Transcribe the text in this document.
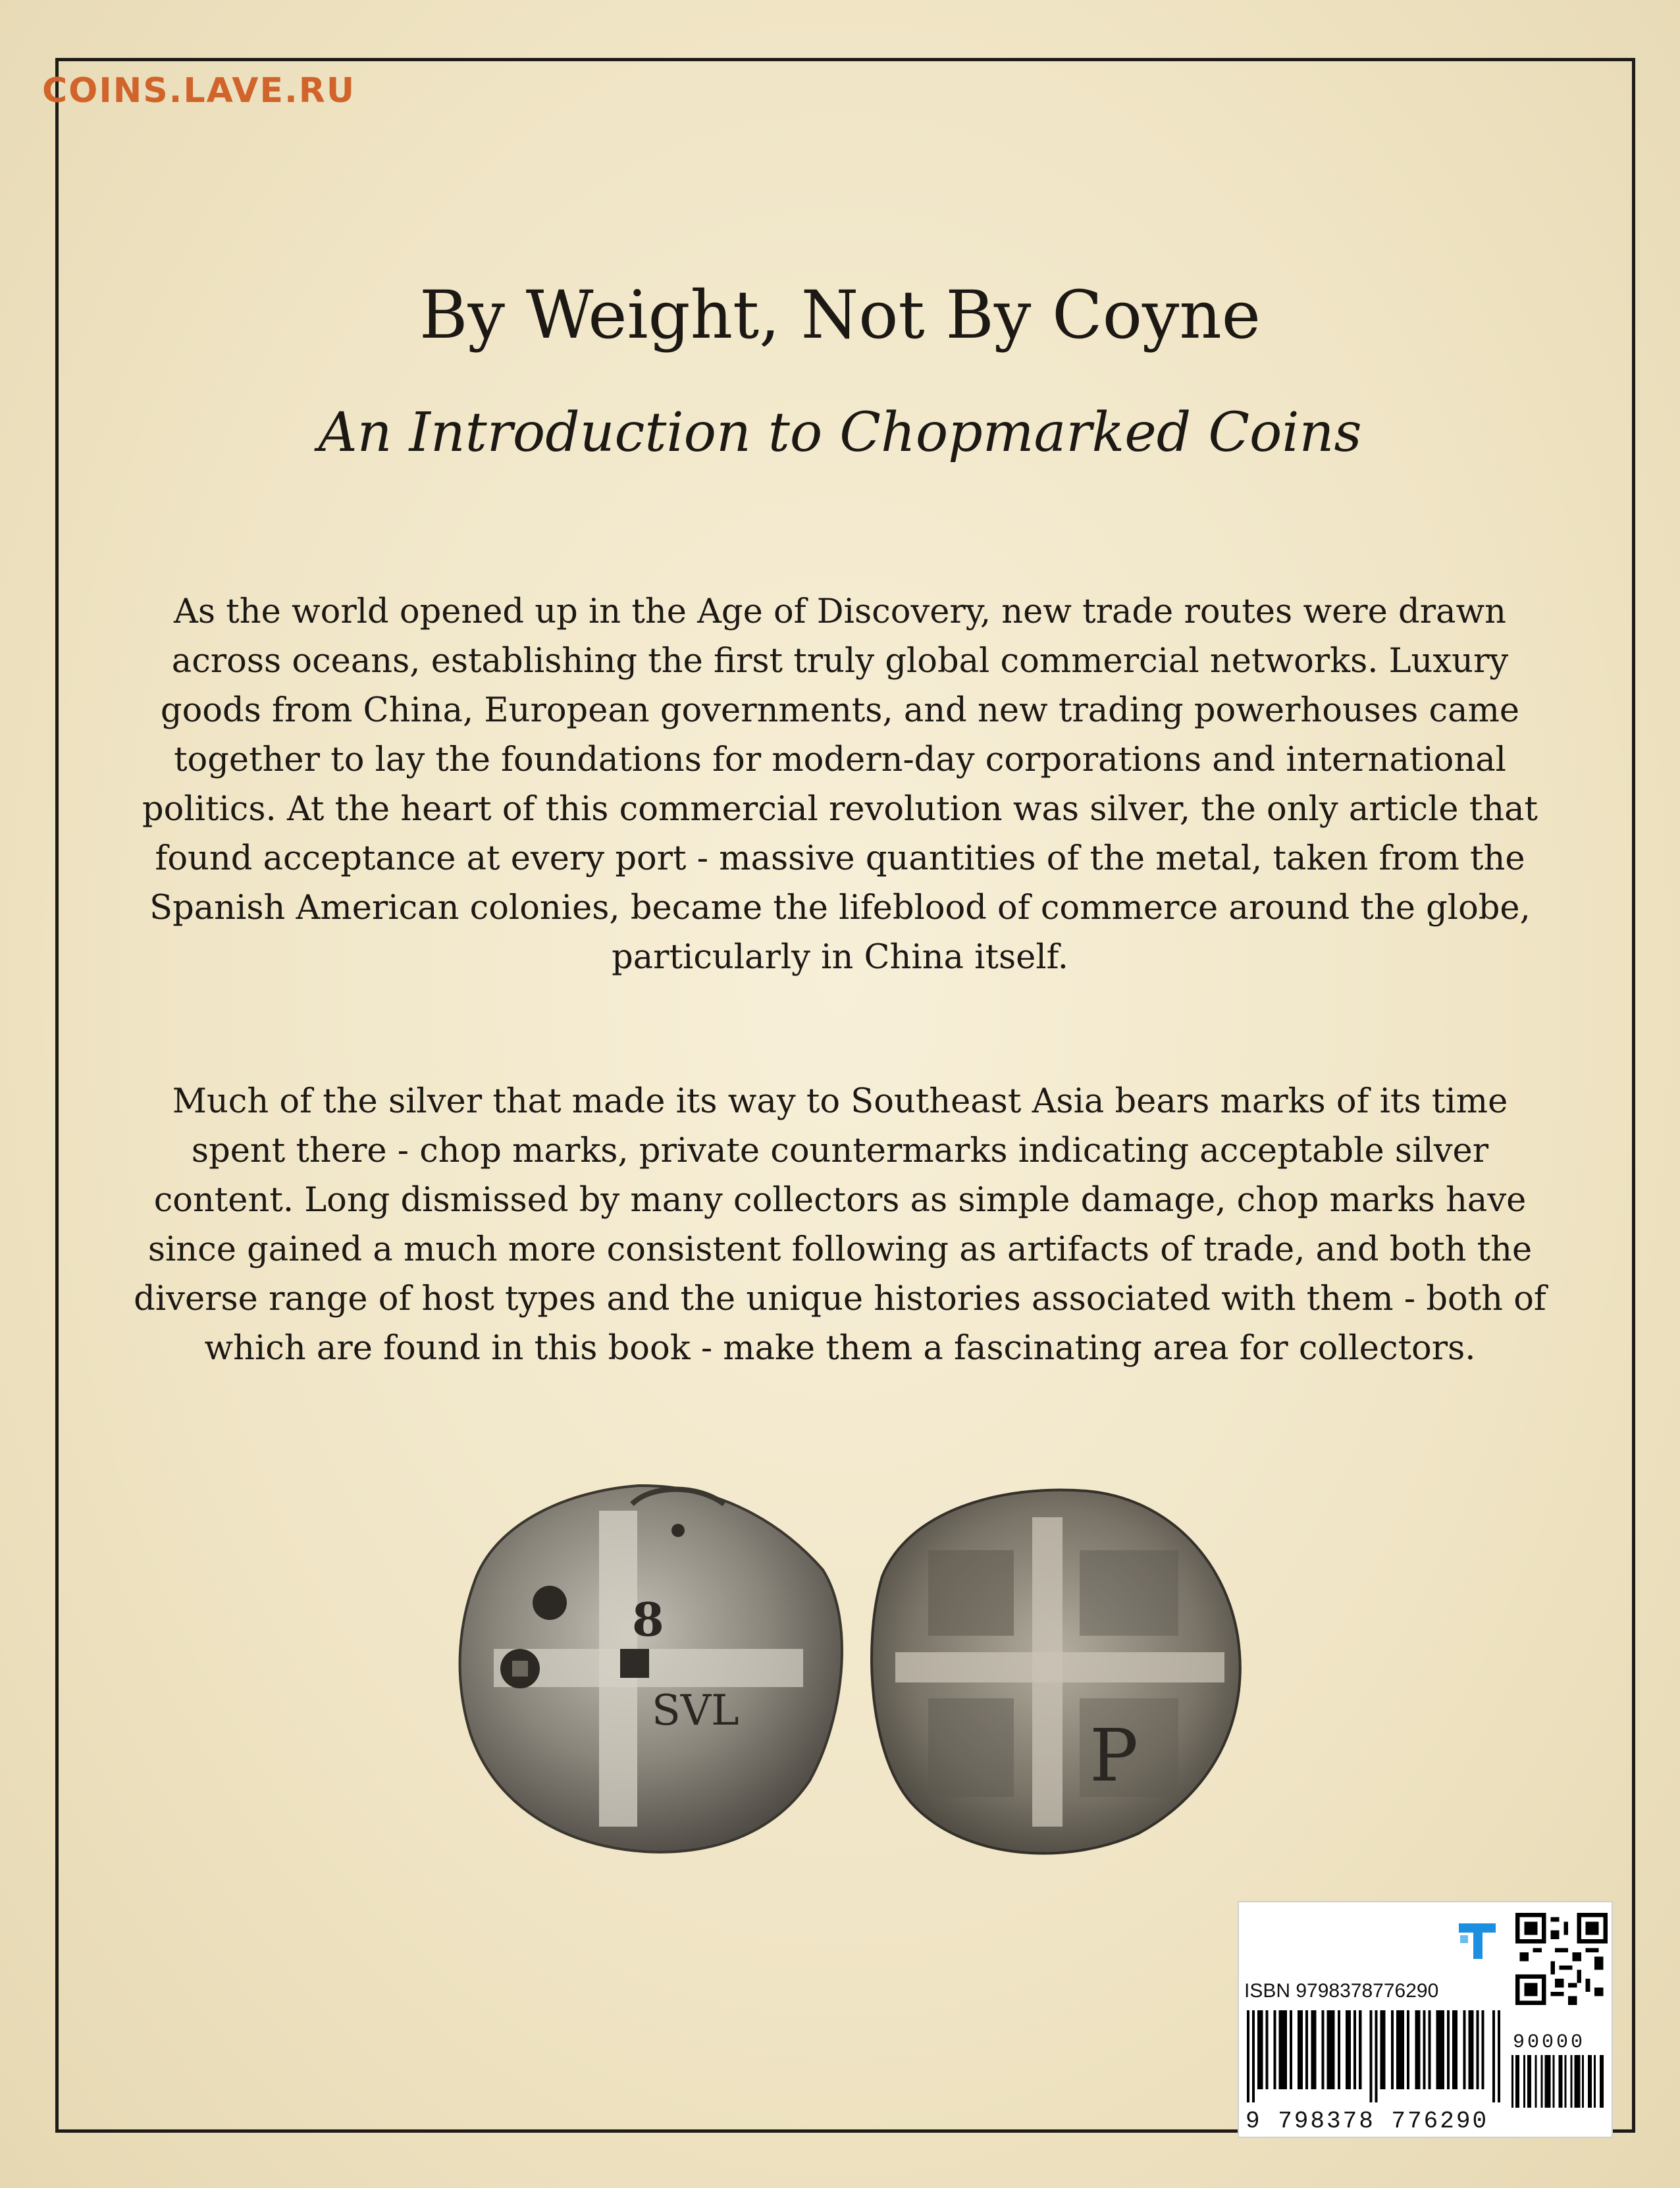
COINS.LAVE.RU
By Weight, Not By Coyne
An Introduction to Chopmarked Coins
As the world opened up in the Age of Discovery, new trade routes were drawn across oceans, establishing the first truly global commercial networks. Luxury goods from China, European governments, and new trading powerhouses came together to lay the foundations for modern-day corporations and international politics. At the heart of this commercial revolution was silver, the only article that found acceptance at every port - massive quantities of the metal, taken from the Spanish American colonies, became the lifeblood of commerce around the globe, particularly in China itself.
Much of the silver that made its way to Southeast Asia bears marks of its time spent there - chop marks, private countermarks indicating acceptable silver content. Long dismissed by many collectors as simple damage, chop marks have since gained a much more consistent following as artifacts of trade, and both the diverse range of host types and the unique histories associated with them - both of which are found in this book - make them a fascinating area for collectors.
8
SVL
P
ISBN 9798378776290
90000
9 798378 776290
